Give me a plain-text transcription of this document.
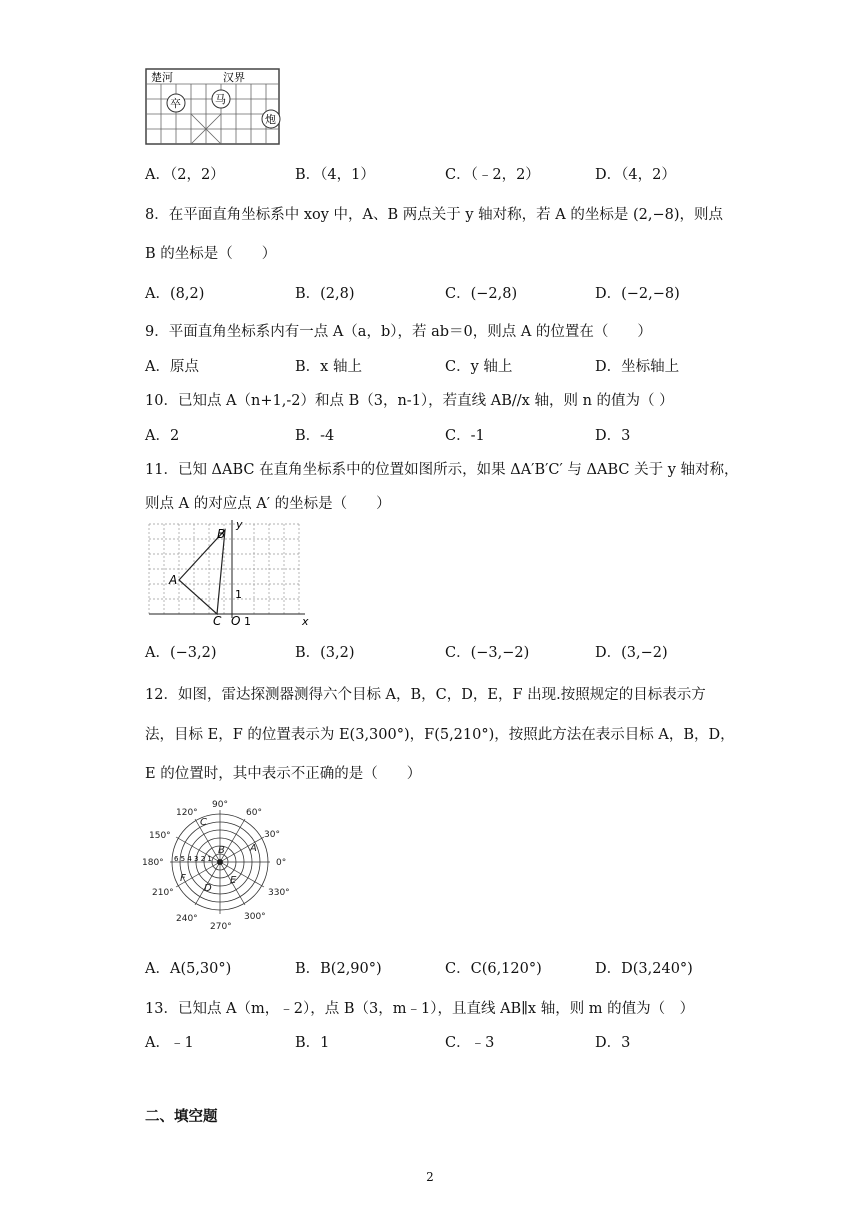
楚河	汉界
卒	马
炮
A．（2，2）	B．（4，1）	C．（﹣2，2）	D．（4，2）
8．在平面直角坐标系中 xoy 中，A、B 两点关于 y 轴对称，若 A 的坐标是 (2,−8)，则点
B 的坐标是（　　）
A．(8,2)	B．(2,8)	C．(−2,8)	D．(−2,−8)
9．平面直角坐标系内有一点 A（a，b），若 ab＝0，则点 A 的位置在（　　）
A．原点	B．x 轴上	C．y 轴上	D．坐标轴上
10．已知点 A（n+1,-2）和点 B（3，n-1），若直线 AB//x 轴，则 n 的值为（ ）
A．2	B．-4	C．-1	D．3
11．已知 ΔABC 在直角坐标系中的位置如图所示，如果 ΔA′B′C′ 与 ΔABC 关于 y 轴对称，
则点 A 的对应点 A′ 的坐标是（　　）
B
y
A
C O 1
1
x
A．(−3,2)	B．(3,2)	C．(−3,−2)	D．(3,−2)
12．如图，雷达探测器测得六个目标 A，B，C，D，E，F 出现.按照规定的目标表示方
法，目标 E，F 的位置表示为 E(3,300°)，F(5,210°)，按照此方法在表示目标 A，B，D，
E 的位置时，其中表示不正确的是（　　）
0°
30°
60°
90°
120°
150°
180°
210°
240°
270°
300°
330°
6 5 4 3 2 1
A
B
C
D
E
F
A．A(5,30°)	B．B(2,90°)	C．C(6,120°)	D．D(3,240°)
13．已知点 A（m，﹣2），点 B（3，m﹣1），且直线 AB∥x 轴，则 m 的值为（　）
A．﹣1	B．1	C．﹣3	D．3
二、填空题
2
